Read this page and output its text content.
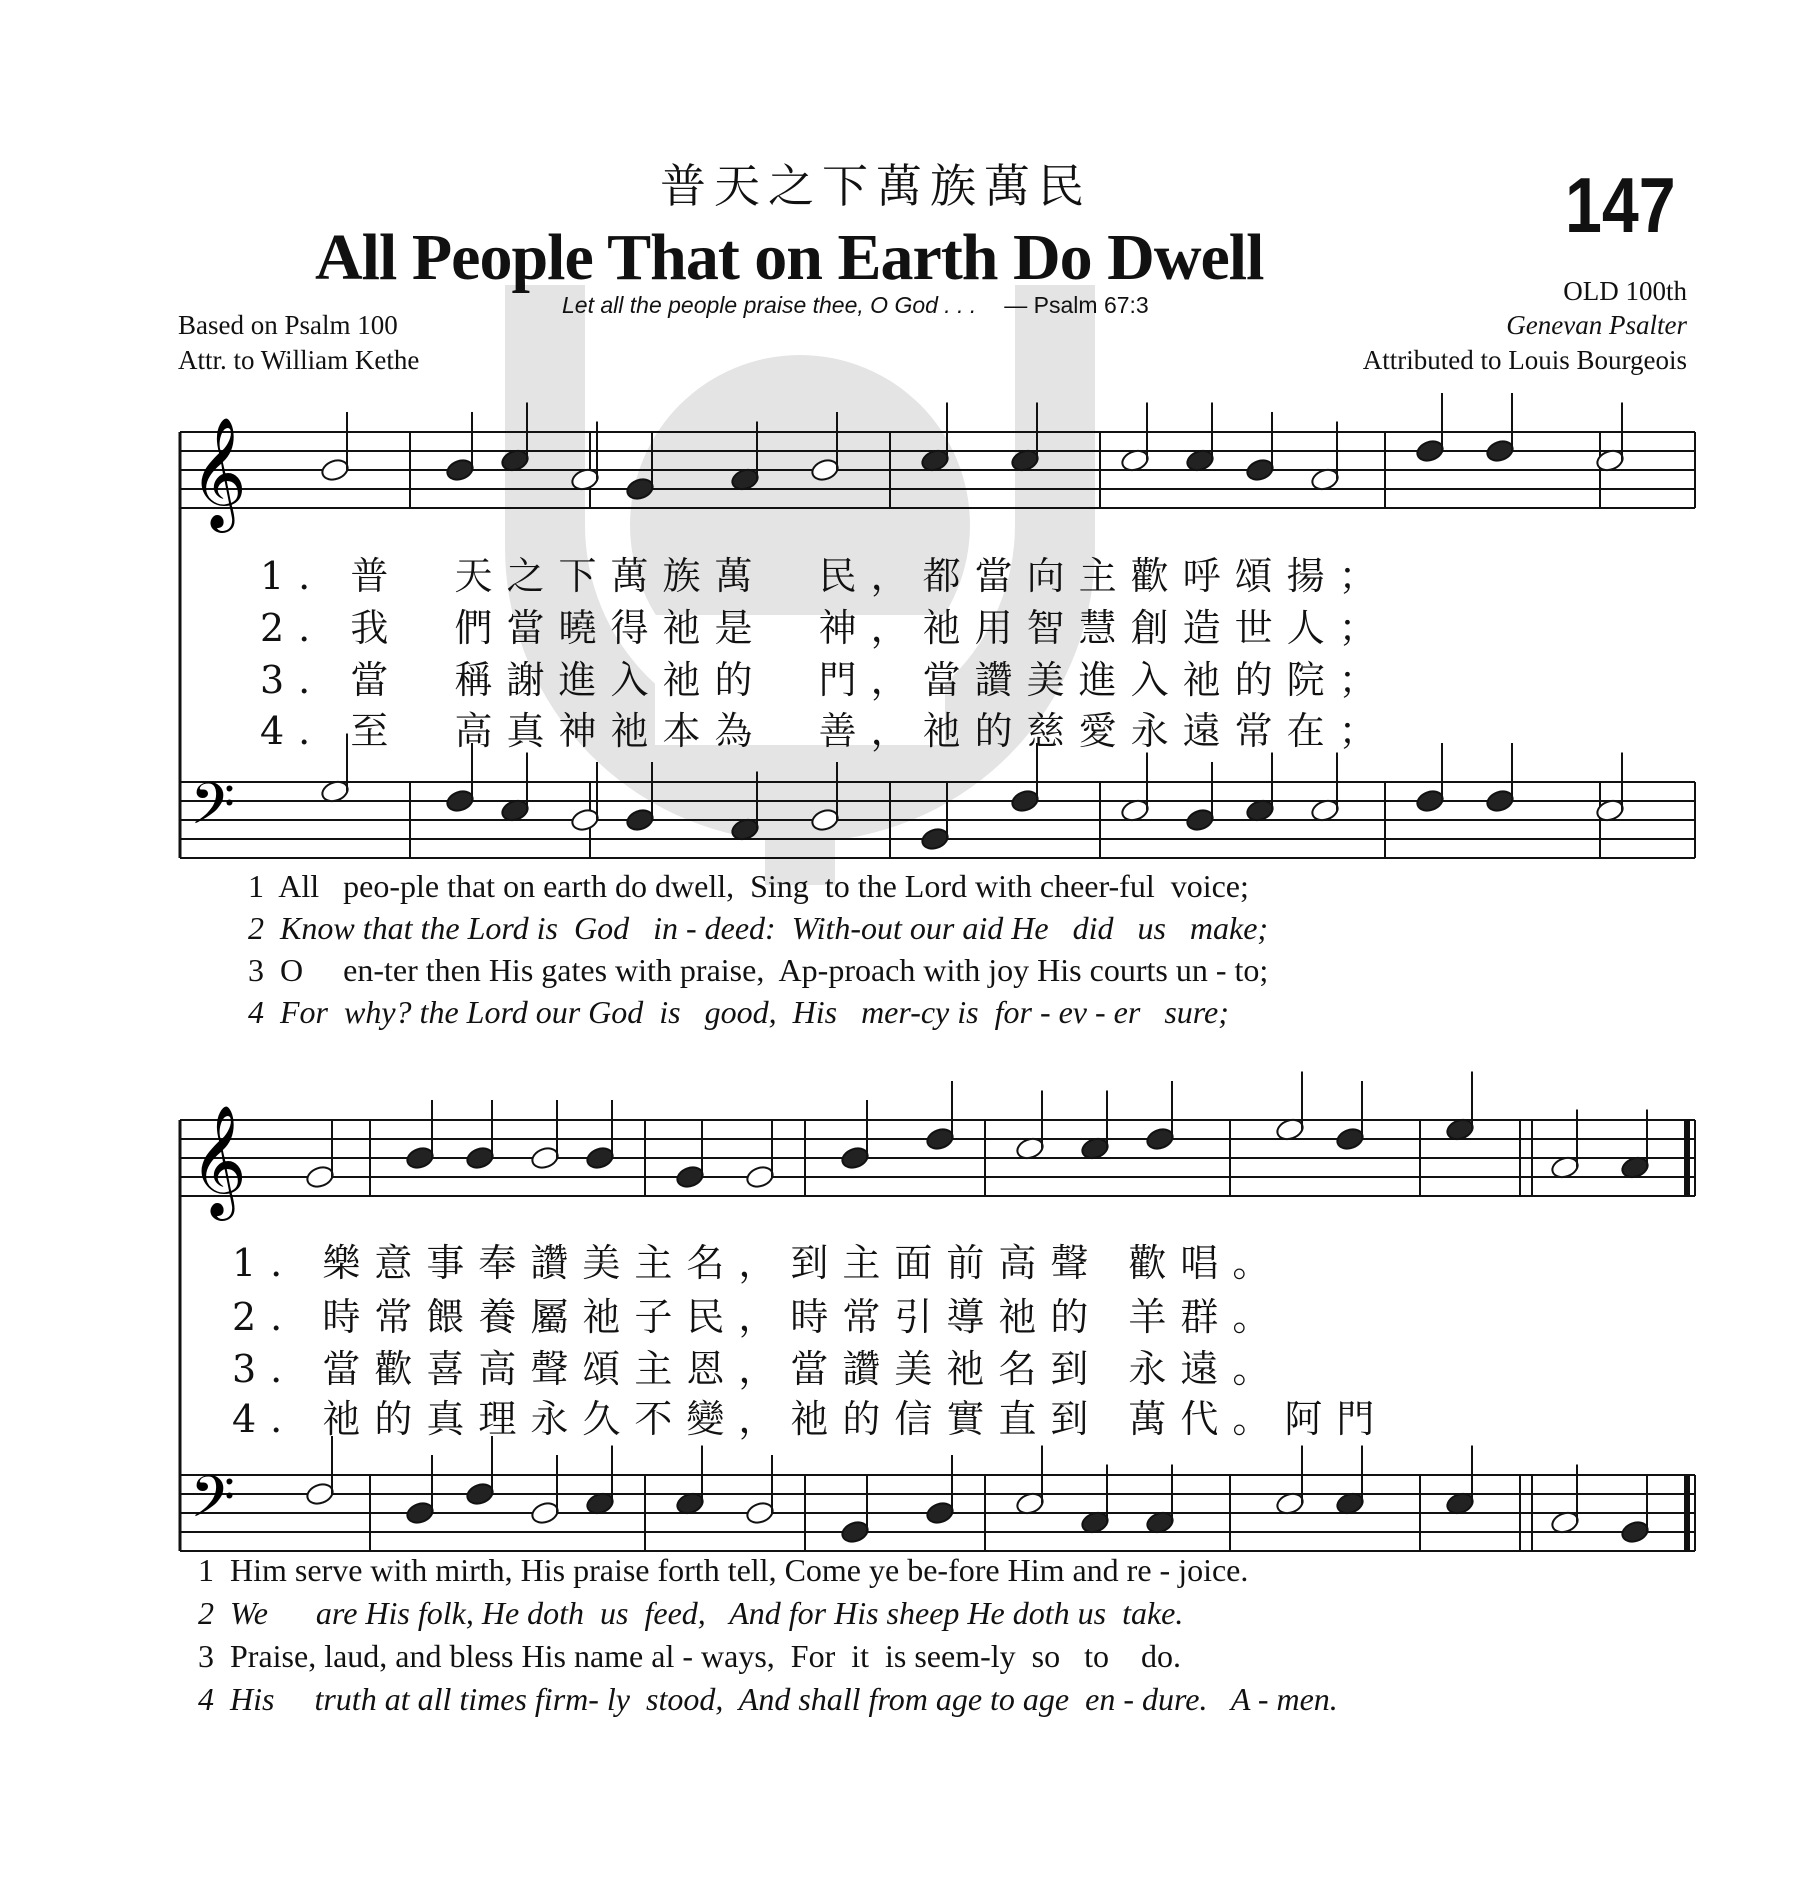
普天之下萬族萬民
All People That on Earth Do Dwell
147
Let all the people praise thee, O God . . . — Psalm 67:3
Based on Psalm 100
Attr. to William Kethe
OLD 100th
Genevan Psalter
Attributed to Louis Bourgeois
𝄞
𝄢
𝄞
𝄢
1. 普  天之下萬族萬  民，都當向主歡呼頌揚；
2. 我  們當曉得祂是  神，祂用智慧創造世人；
3. 當  稱謝進入祂的  門，當讚美進入祂的院；
4. 至  高真神祂本為  善，祂的慈愛永遠常在；
1  All   peo-ple that on earth do dwell,  Sing  to the Lord with cheer-ful  voice;
2  Know that the Lord is  God   in - deed:  With-out our aid He   did   us   make;
3  O     en-ter then His gates with praise,  Ap-proach with joy His courts un - to;
4  For  why? the Lord our God  is   good,  His   mer-cy is  for - ev - er   sure;
1. 樂意事奉讚美主名，到主面前高聲 歡唱。
2. 時常餵養屬祂子民，時常引導祂的 羊群。
3. 當歡喜高聲頌主恩，當讚美祂名到 永遠。
4. 祂的真理永久不變，祂的信實直到 萬代。阿門
1  Him serve with mirth, His praise forth tell, Come ye be-fore Him and re - joice.
2  We      are His folk, He doth  us  feed,   And for His sheep He doth us  take.
3  Praise, laud, and bless His name al - ways,  For  it  is seem-ly  so   to    do.
4  His     truth at all times firm- ly  stood,  And shall from age to age  en - dure.   A - men.
